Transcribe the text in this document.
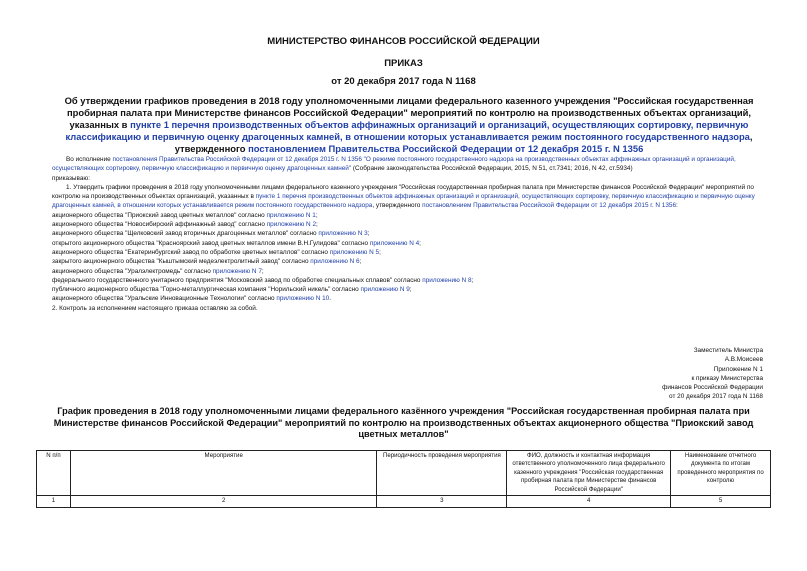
МИНИСТЕРСТВО ФИНАНСОВ РОССИЙСКОЙ ФЕДЕРАЦИИ
ПРИКАЗ
от 20 декабря 2017 года N 1168
Об утверждении графиков проведения в 2018 году уполномоченными лицами федерального казенного учреждения "Российская государственная пробирная палата при Министерстве финансов Российской Федерации" мероприятий по контролю на производственных объектах организаций, указанных в пункте 1 перечня производственных объектов аффинажных организаций и организаций, осуществляющих сортировку, первичную классификацию и первичную оценку драгоценных камней, в отношении которых устанавливается режим постоянного государственного надзора, утвержденного постановлением Правительства Российской Федерации от 12 декабря 2015 г. N 1356

Во исполнение постановления Правительства Российской Федерации от 12 декабря 2015 г. N 1356 "О режиме постоянного государственного надзора на производственных объектах аффинажных организаций и организаций, осуществляющих сортировку, первичную классификацию и первичную оценку драгоценных камней" (Собрание законодательства Российской Федерации, 2015, N 51, ст.7341; 2016, N 42, ст.5934)

приказываю:

1. Утвердить графики проведения в 2018 году уполномоченными лицами федерального казенного учреждения "Российская государственная пробирная палата при Министерстве финансов Российской Федерации" мероприятий по контролю на производственных объектах организаций, указанных в пункте 1 перечня производственных объектов аффинажных организаций и организаций, осуществляющих сортировку, первичную классификацию и первичную оценку драгоценных камней, в отношении которых устанавливается режим постоянного государственного надзора, утвержденного постановлением Правительства Российской Федерации от 12 декабря 2015 г. N 1356:

акционерного общества "Приокский завод цветных металлов" согласно приложению N 1;

акционерного общества "Новосибирский аффинажный завод" согласно приложению N 2;

акционерного общества "Щелковский завод вторичных драгоценных металлов" согласно приложению N 3;

открытого акционерного общества "Красноярский завод цветных металлов имени В.Н.Гулидова" согласно приложению N 4;

акционерного общества "Екатеринбургский завод по обработке цветных металлов" согласно приложению N 5;

закрытого акционерного общества "Кыштымский медеэлектролитный завод" согласно приложению N 6;

акционерного общества "Уралэлектромедь" согласно приложению N 7;

федерального государственного унитарного предприятия "Московский завод по обработке специальных сплавов" согласно приложению N 8;

публичного акционерного общества "Горно-металлургическая компания "Норильский никель" согласно приложению N 9;

акционерного общества "Уральские Инновационные Технологии" согласно приложению N 10.

2. Контроль за исполнением настоящего приказа оставляю за собой.

Заместитель Министра
А.В.Моисеев
Приложение N 1
к приказу Министерства
финансов Российской Федерации
от 20 декабря 2017 года N 1168
График проведения в 2018 году уполномоченными лицами федерального казённого учреждения "Российская государственная пробирная палата при Министерстве финансов Российской Федерации" мероприятий по контролю на производственных объектах акционерного общества "Приокский завод цветных металлов"
N п/п	Мероприятие	Периодичность проведения мероприятия	ФИО, должность и контактная информация ответственного уполномоченного лица федерального казенного учреждения "Российская государственная пробирная палата при Министерстве финансов Российской Федерации"	Наименование отчетного документа по итогам проведенного мероприятия по контролю
1	2	3	4	5
